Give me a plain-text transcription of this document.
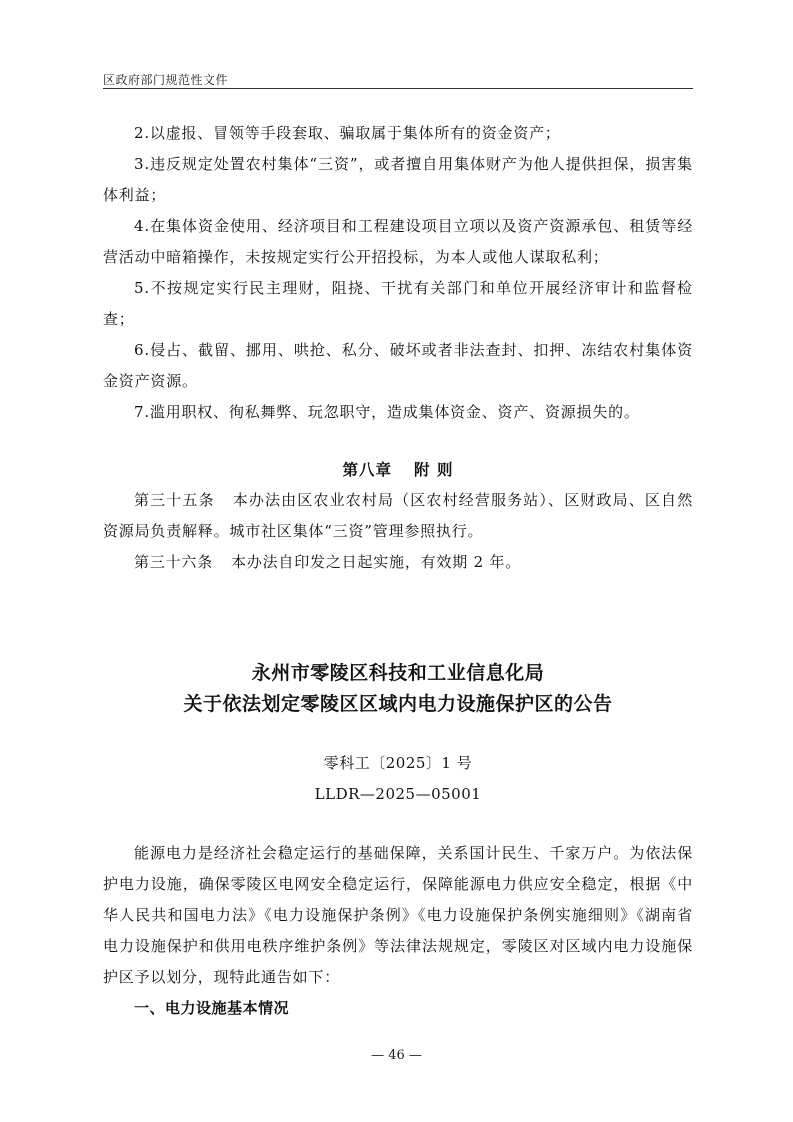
区政府部门规范性文件
2.以虚报、冒领等手段套取、骗取属于集体所有的资金资产；
3.违反规定处置农村集体“三资”，或者擅自用集体财产为他人提供担保，损害集体利益；
4.在集体资金使用、经济项目和工程建设项目立项以及资产资源承包、租赁等经营活动中暗箱操作，未按规定实行公开招投标，为本人或他人谋取私利；
5.不按规定实行民主理财，阻挠、干扰有关部门和单位开展经济审计和监督检查；
6.侵占、截留、挪用、哄抢、私分、破坏或者非法查封、扣押、冻结农村集体资金资产资源。
7.滥用职权、徇私舞弊、玩忽职守，造成集体资金、资产、资源损失的。
第八章 附 则
第三十五条 本办法由区农业农村局（区农村经营服务站）、区财政局、区自然资源局负责解释。城市社区集体“三资”管理参照执行。
第三十六条 本办法自印发之日起实施，有效期 2 年。
永州市零陵区科技和工业信息化局
关于依法划定零陵区区域内电力设施保护区的公告
零科工〔2025〕1 号
LLDR—2025—05001
能源电力是经济社会稳定运行的基础保障，关系国计民生、千家万户。为依法保护电力设施，确保零陵区电网安全稳定运行，保障能源电力供应安全稳定，根据《中华人民共和国电力法》《电力设施保护条例》《电力设施保护条例实施细则》《湖南省电力设施保护和供用电秩序维护条例》等法律法规规定，零陵区对区域内电力设施保护区予以划分，现特此通告如下：
一、电力设施基本情况
— 46 —
